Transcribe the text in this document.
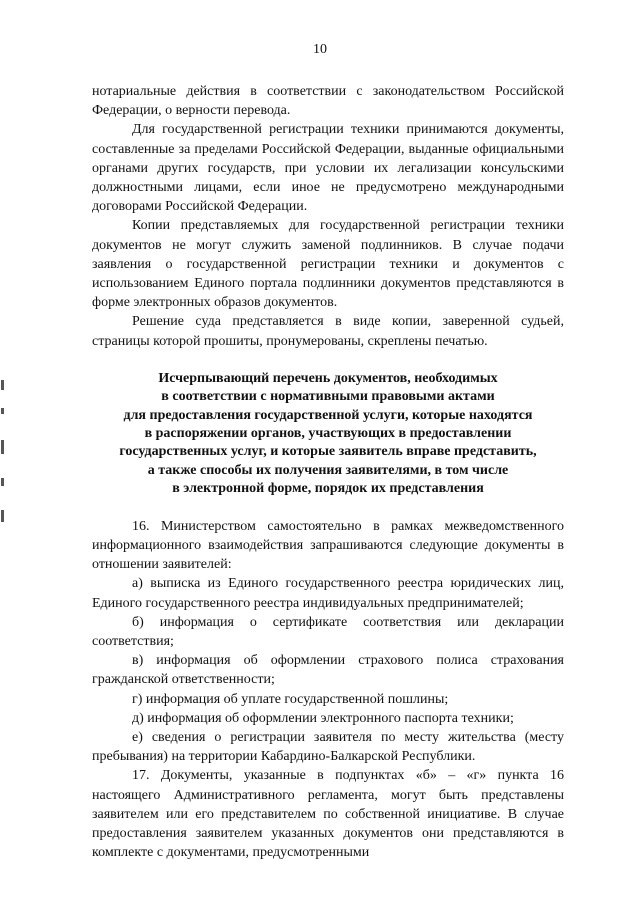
10

нотариальные действия в соответствии с законодательством Российской Федерации, о верности перевода.

Для государственной регистрации техники принимаются документы, составленные за пределами Российской Федерации, выданные официальными органами других государств, при условии их легализации консульскими должностными лицами, если иное не предусмотрено международными договорами Российской Федерации.

Копии представляемых для государственной регистрации техники документов не могут служить заменой подлинников. В случае подачи заявления о государственной регистрации техники и документов с использованием Единого портала подлинники документов представляются в форме электронных образов документов.

Решение суда представляется в виде копии, заверенной судьей, страницы которой прошиты, пронумерованы, скреплены печатью.

Исчерпывающий перечень документов, необходимых
в соответствии с нормативными правовыми актами
для предоставления государственной услуги, которые находятся
в распоряжении органов, участвующих в предоставлении
государственных услуг, и которые заявитель вправе представить,
а также способы их получения заявителями, в том числе
в электронной форме, порядок их представления

16. Министерством самостоятельно в рамках межведомственного информационного взаимодействия запрашиваются следующие документы в отношении заявителей:

а) выписка из Единого государственного реестра юридических лиц, Единого государственного реестра индивидуальных предпринимателей;

б) информация о сертификате соответствия или декларации соответствия;

в) информация об оформлении страхового полиса страхования гражданской ответственности;

г) информация об уплате государственной пошлины;

д) информация об оформлении электронного паспорта техники;

е) сведения о регистрации заявителя по месту жительства (месту пребывания) на территории Кабардино-Балкарской Республики.

17. Документы, указанные в подпунктах «б» – «г» пункта 16 настоящего Административного регламента, могут быть представлены заявителем или его представителем по собственной инициативе. В случае предоставления заявителем указанных документов они представляются в комплекте с документами, предусмотренными
